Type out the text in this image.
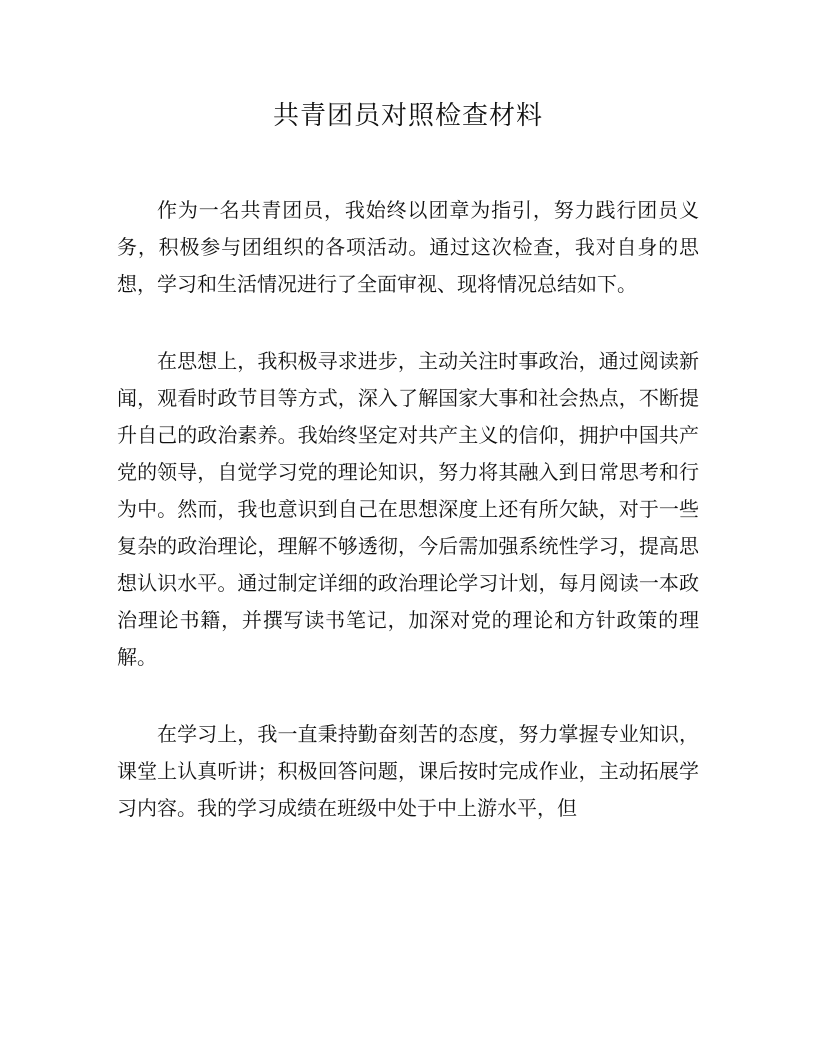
共青团员对照检查材料

作为一名共青团员，我始终以团章为指引，努力践行团员义务，积极参与团组织的各项活动。通过这次检查，我对自身的思想，学习和生活情况进行了全面审视、现将情况总结如下。

在思想上，我积极寻求进步，主动关注时事政治，通过阅读新闻，观看时政节目等方式，深入了解国家大事和社会热点，不断提升自己的政治素养。我始终坚定对共产主义的信仰，拥护中国共产党的领导，自觉学习党的理论知识，努力将其融入到日常思考和行为中。然而，我也意识到自己在思想深度上还有所欠缺，对于一些复杂的政治理论，理解不够透彻，今后需加强系统性学习，提高思想认识水平。通过制定详细的政治理论学习计划，每月阅读一本政治理论书籍，并撰写读书笔记，加深对党的理论和方针政策的理解。

在学习上，我一直秉持勤奋刻苦的态度，努力掌握专业知识，课堂上认真听讲；积极回答问题，课后按时完成作业，主动拓展学习内容。我的学习成绩在班级中处于中上游水平，但
